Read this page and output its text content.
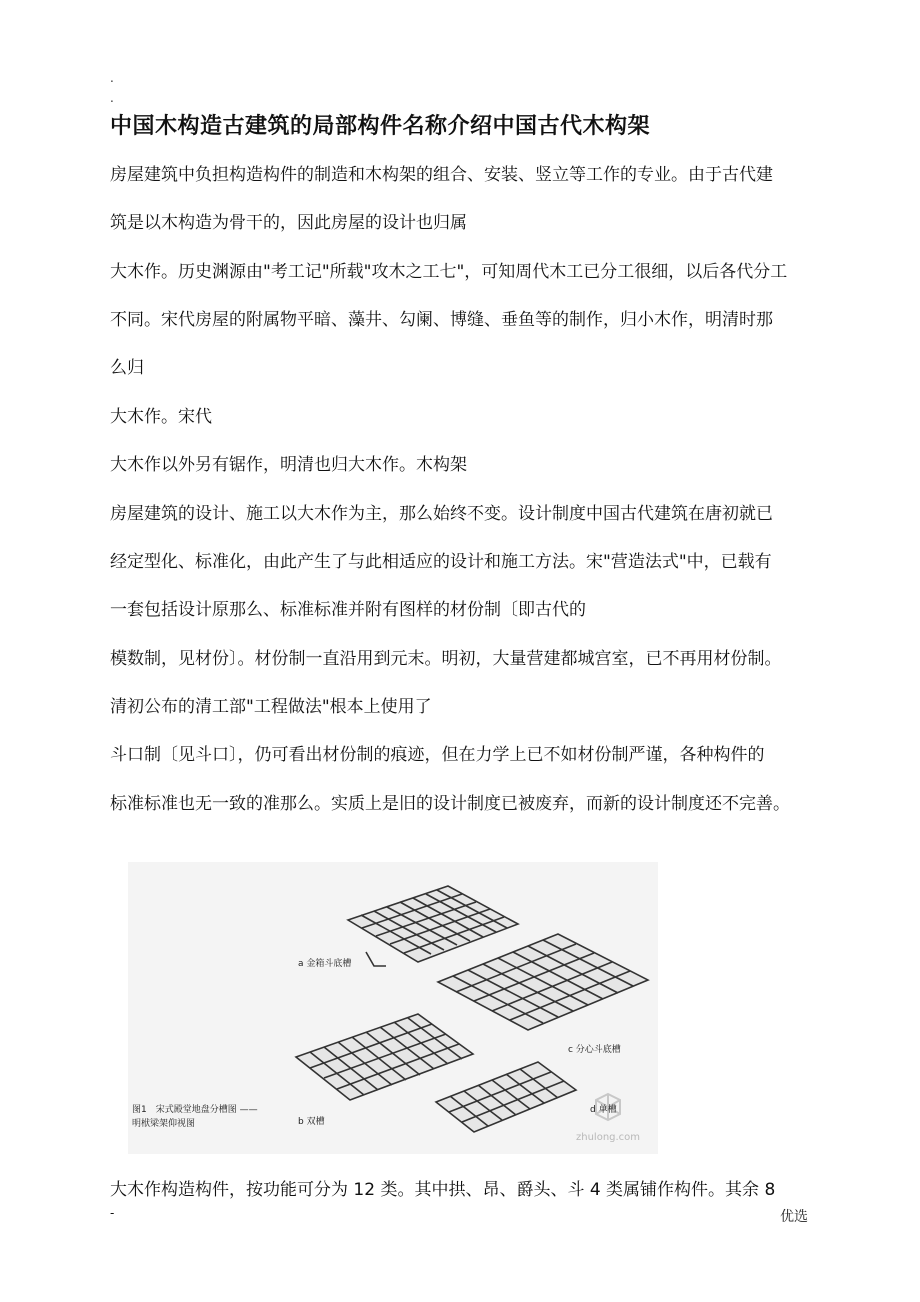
.
.
中国木构造古建筑的局部构件名称介绍中国古代木构架
房屋建筑中负担构造构件的制造和木构架的组合、安装、竖立等工作的专业。由于古代建
筑是以木构造为骨干的，因此房屋的设计也归属
大木作。历史渊源由"考工记"所载"攻木之工七"，可知周代木工已分工很细，以后各代分工
不同。宋代房屋的附属物平暗、藻井、勾阑、博缝、垂鱼等的制作，归小木作，明清时那
么归
大木作。宋代
大木作以外另有锯作，明清也归大木作。木构架
房屋建筑的设计、施工以大木作为主，那么始终不变。设计制度中国古代建筑在唐初就已
经定型化、标准化，由此产生了与此相适应的设计和施工方法。宋"营造法式"中，已载有
一套包括设计原那么、标准标准并附有图样的材份制〔即古代的
模数制，见材份〕。材份制一直沿用到元末。明初，大量营建都城宫室，已不再用材份制。
清初公布的清工部"工程做法"根本上使用了
斗口制〔见斗口〕，仍可看出材份制的痕迹，但在力学上已不如材份制严谨，各种构件的
标准标准也无一致的准那么。实质上是旧的设计制度已被废弃，而新的设计制度还不完善。
a 金箱斗底槽
c 分心斗底槽
b 双槽
d 单槽
图1　宋式殿堂地盘分槽图 ——
明栿梁架仰视图
zhulong.com
大木作构造构件，按功能可分为 12 类。其中拱、昂、爵头、斗 4 类属铺作构件。其余 8
-	优选
